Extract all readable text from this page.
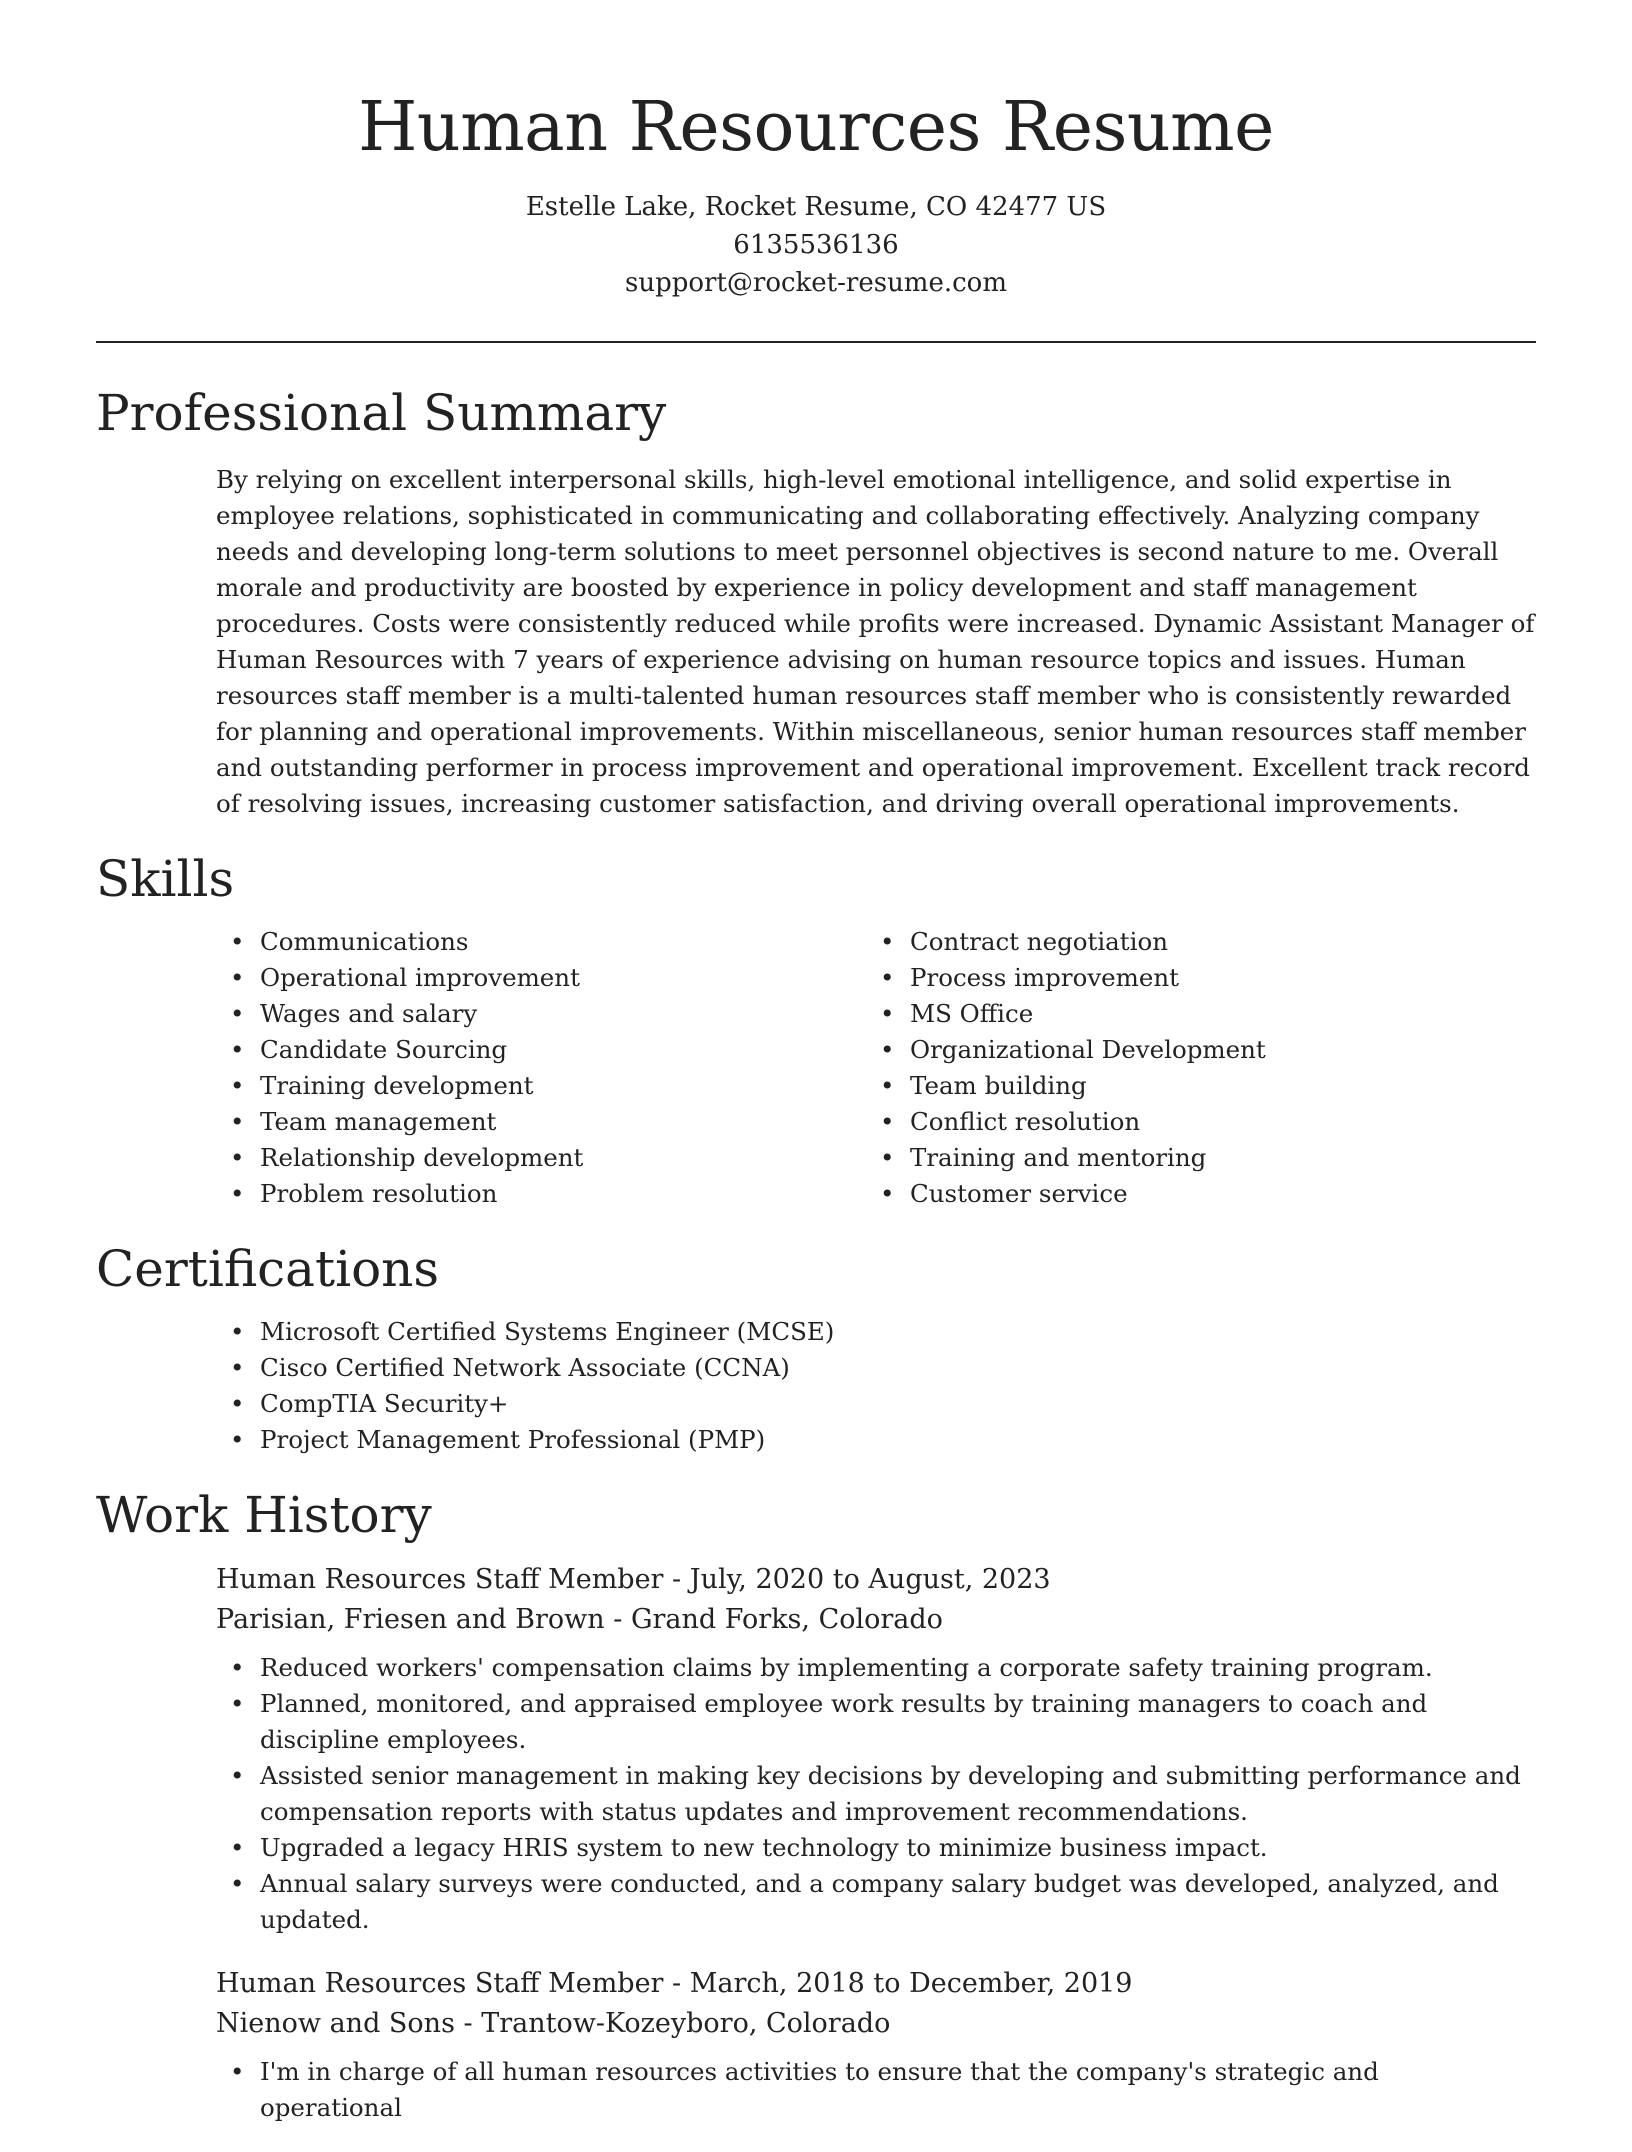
Human Resources Resume
Estelle Lake, Rocket Resume, CO 42477 US
6135536136
support@rocket-resume.com
Professional Summary

By relying on excellent interpersonal skills, high-level emotional intelligence, and solid expertise in employee relations, sophisticated in communicating and collaborating effectively. Analyzing company needs and developing long-term solutions to meet personnel objectives is second nature to me. Overall morale and productivity are boosted by experience in policy development and staff management procedures. Costs were consistently reduced while profits were increased. Dynamic Assistant Manager of Human Resources with 7 years of experience advising on human resource topics and issues. Human resources staff member is a multi-talented human resources staff member who is consistently rewarded for planning and operational improvements. Within miscellaneous, senior human resources staff member and outstanding performer in process improvement and operational improvement. Excellent track record of resolving issues, increasing customer satisfaction, and driving overall operational improvements.

Skills
• Communications
• Operational improvement
• Wages and salary
• Candidate Sourcing
• Training development
• Team management
• Relationship development
• Problem resolution
• Contract negotiation
• Process improvement
• MS Office
• Organizational Development
• Team building
• Conflict resolution
• Training and mentoring
• Customer service
Certifications
• Microsoft Certified Systems Engineer (MCSE)
• Cisco Certified Network Associate (CCNA)
• CompTIA Security+
• Project Management Professional (PMP)
Work History
Human Resources Staff Member - July, 2020 to August, 2023
Parisian, Friesen and Brown - Grand Forks, Colorado
• Reduced workers' compensation claims by implementing a corporate safety training program.
• Planned, monitored, and appraised employee work results by training managers to coach and discipline employees.
• Assisted senior management in making key decisions by developing and submitting performance and compensation reports with status updates and improvement recommendations.
• Upgraded a legacy HRIS system to new technology to minimize business impact.
• Annual salary surveys were conducted, and a company salary budget was developed, analyzed, and updated.
Human Resources Staff Member - March, 2018 to December, 2019
Nienow and Sons - Trantow-Kozeyboro, Colorado
• I'm in charge of all human resources activities to ensure that the company's strategic and operational
